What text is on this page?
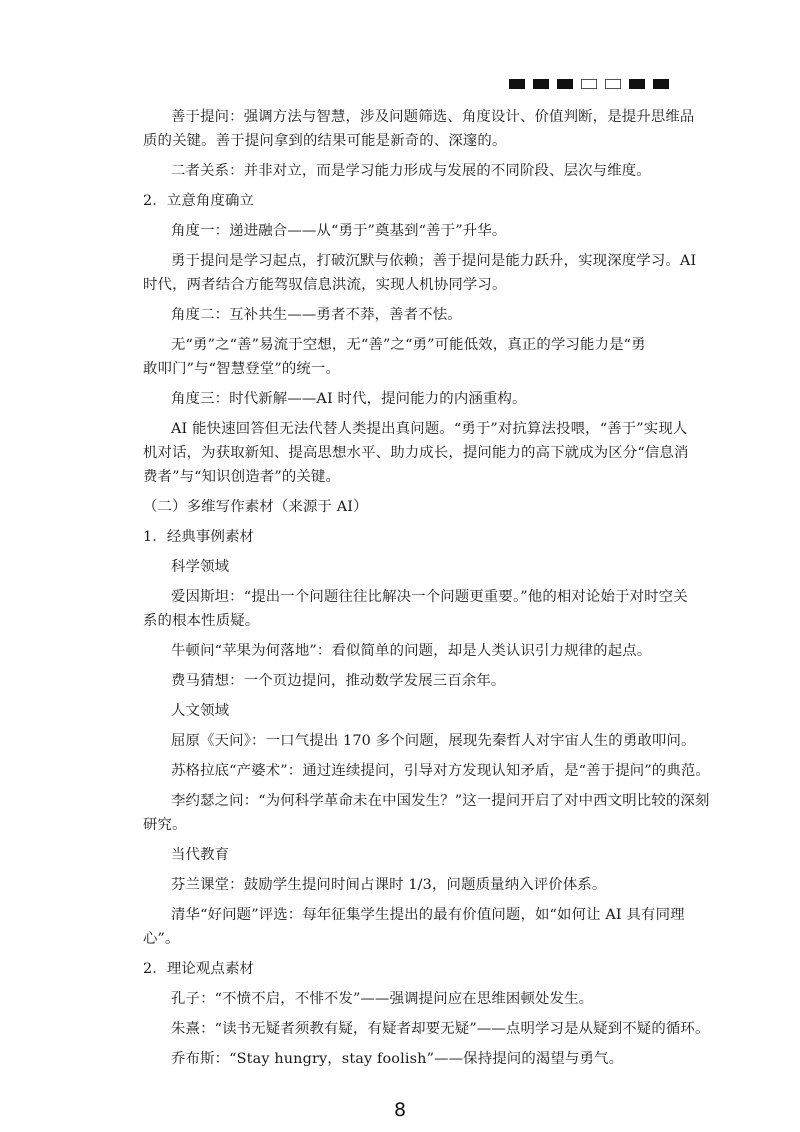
善于提问：强调方法与智慧，涉及问题筛选、角度设计、价值判断，是提升思维品
质的关键。善于提问拿到的结果可能是新奇的、深邃的。
二者关系：并非对立，而是学习能力形成与发展的不同阶段、层次与维度。
2．立意角度确立
角度一：递进融合——从“勇于”奠基到“善于”升华。
勇于提问是学习起点，打破沉默与依赖；善于提问是能力跃升，实现深度学习。AI
时代，两者结合方能驾驭信息洪流，实现人机协同学习。
角度二：互补共生——勇者不莽，善者不怯。
无“勇”之“善”易流于空想，无“善”之“勇”可能低效，真正的学习能力是“勇
敢叩门”与“智慧登堂”的统一。
角度三：时代新解——AI 时代，提问能力的内涵重构。
AI 能快速回答但无法代替人类提出真问题。“勇于”对抗算法投喂，“善于”实现人
机对话，为获取新知、提高思想水平、助力成长，提问能力的高下就成为区分“信息消
费者”与“知识创造者”的关键。
（二）多维写作素材（来源于 AI）
1．经典事例素材
科学领域
爱因斯坦：“提出一个问题往往比解决一个问题更重要。”他的相对论始于对时空关
系的根本性质疑。
牛顿问“苹果为何落地”：看似简单的问题，却是人类认识引力规律的起点。
费马猜想：一个页边提问，推动数学发展三百余年。
人文领域
屈原《天问》：一口气提出 170 多个问题，展现先秦哲人对宇宙人生的勇敢叩问。
苏格拉底“产婆术”：通过连续提问，引导对方发现认知矛盾，是“善于提问”的典范。
李约瑟之问：“为何科学革命未在中国发生？”这一提问开启了对中西文明比较的深刻
研究。
当代教育
芬兰课堂：鼓励学生提问时间占课时 1/3，问题质量纳入评价体系。
清华“好问题”评选：每年征集学生提出的最有价值问题，如“如何让 AI 具有同理
心”。
2．理论观点素材
孔子：“不愤不启，不悱不发”——强调提问应在思维困顿处发生。
朱熹：“读书无疑者须教有疑，有疑者却要无疑”——点明学习是从疑到不疑的循环。
乔布斯：“Stay hungry，stay foolish”——保持提问的渴望与勇气。
8
